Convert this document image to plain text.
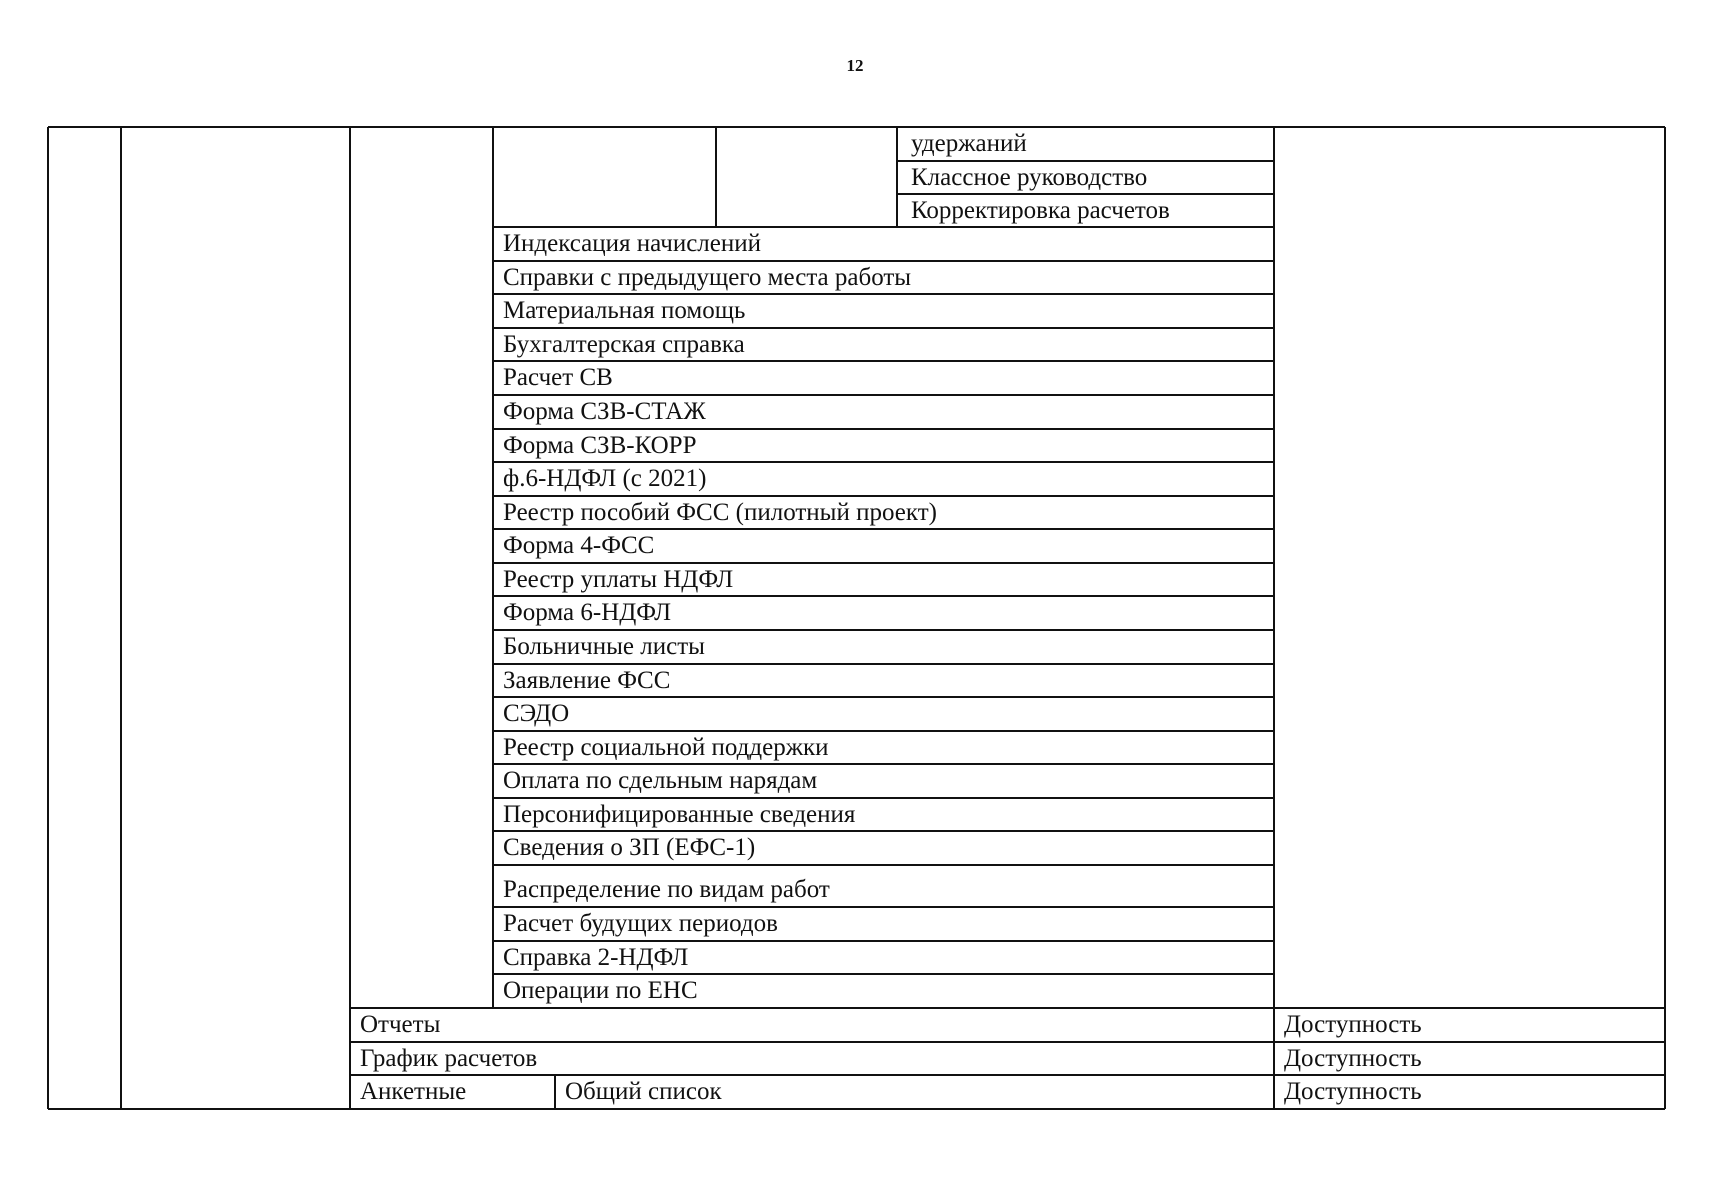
12
удержаний
Классное руководство
Корректировка расчетов
Индексация начислений
Справки с предыдущего места работы
Материальная помощь
Бухгалтерская справка
Расчет СВ
Форма СЗВ-СТАЖ
Форма СЗВ-КОРР
ф.6-НДФЛ (с 2021)
Реестр пособий ФСС (пилотный проект)
Форма 4-ФСС
Реестр уплаты НДФЛ
Форма 6-НДФЛ
Больничные листы
Заявление ФСС
СЭДО
Реестр социальной поддержки
Оплата по сдельным нарядам
Персонифицированные сведения
Сведения о ЗП (ЕФС-1)
Распределение по видам работ
Расчет будущих периодов
Справка 2-НДФЛ
Операции по ЕНС
Отчеты	Доступность
График расчетов	Доступность
Анкетные	Общий список	Доступность
